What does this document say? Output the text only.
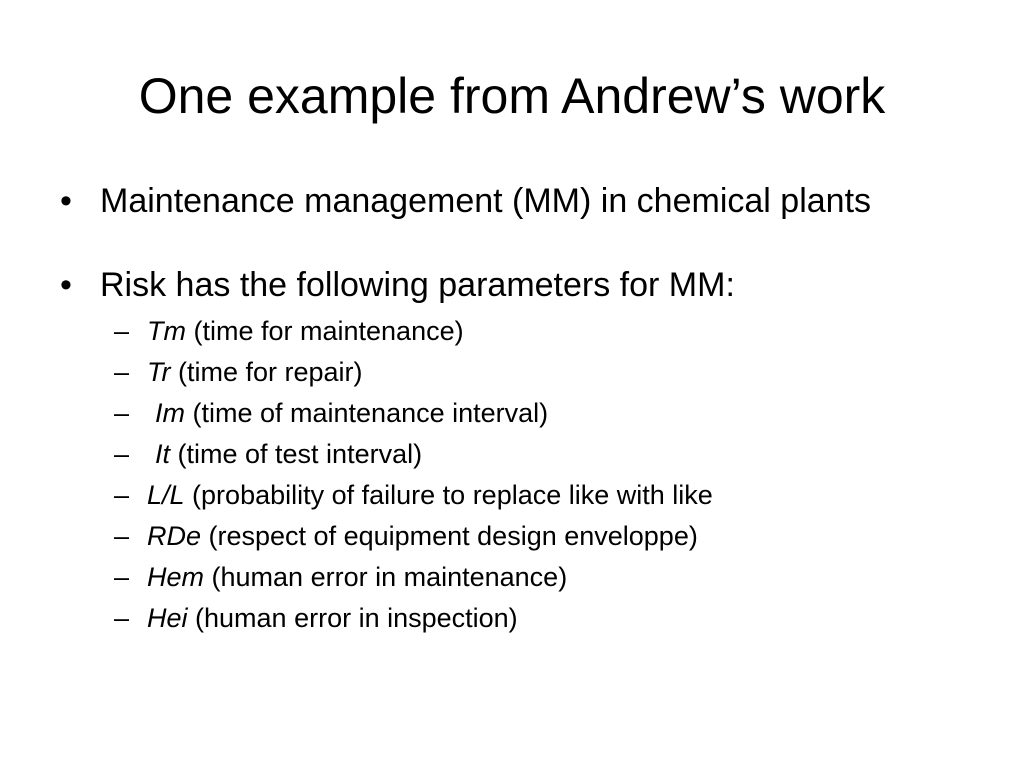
One example from Andrew’s work
• Maintenance management (MM) in chemical plants
• Risk has the following parameters for MM:
– Tm (time for maintenance)
– Tr (time for repair)
– Im (time of maintenance interval)
– It (time of test interval)
– L/L (probability of failure to replace like with like
– RDe (respect of equipment design enveloppe)
– Hem (human error in maintenance)
– Hei (human error in inspection)
